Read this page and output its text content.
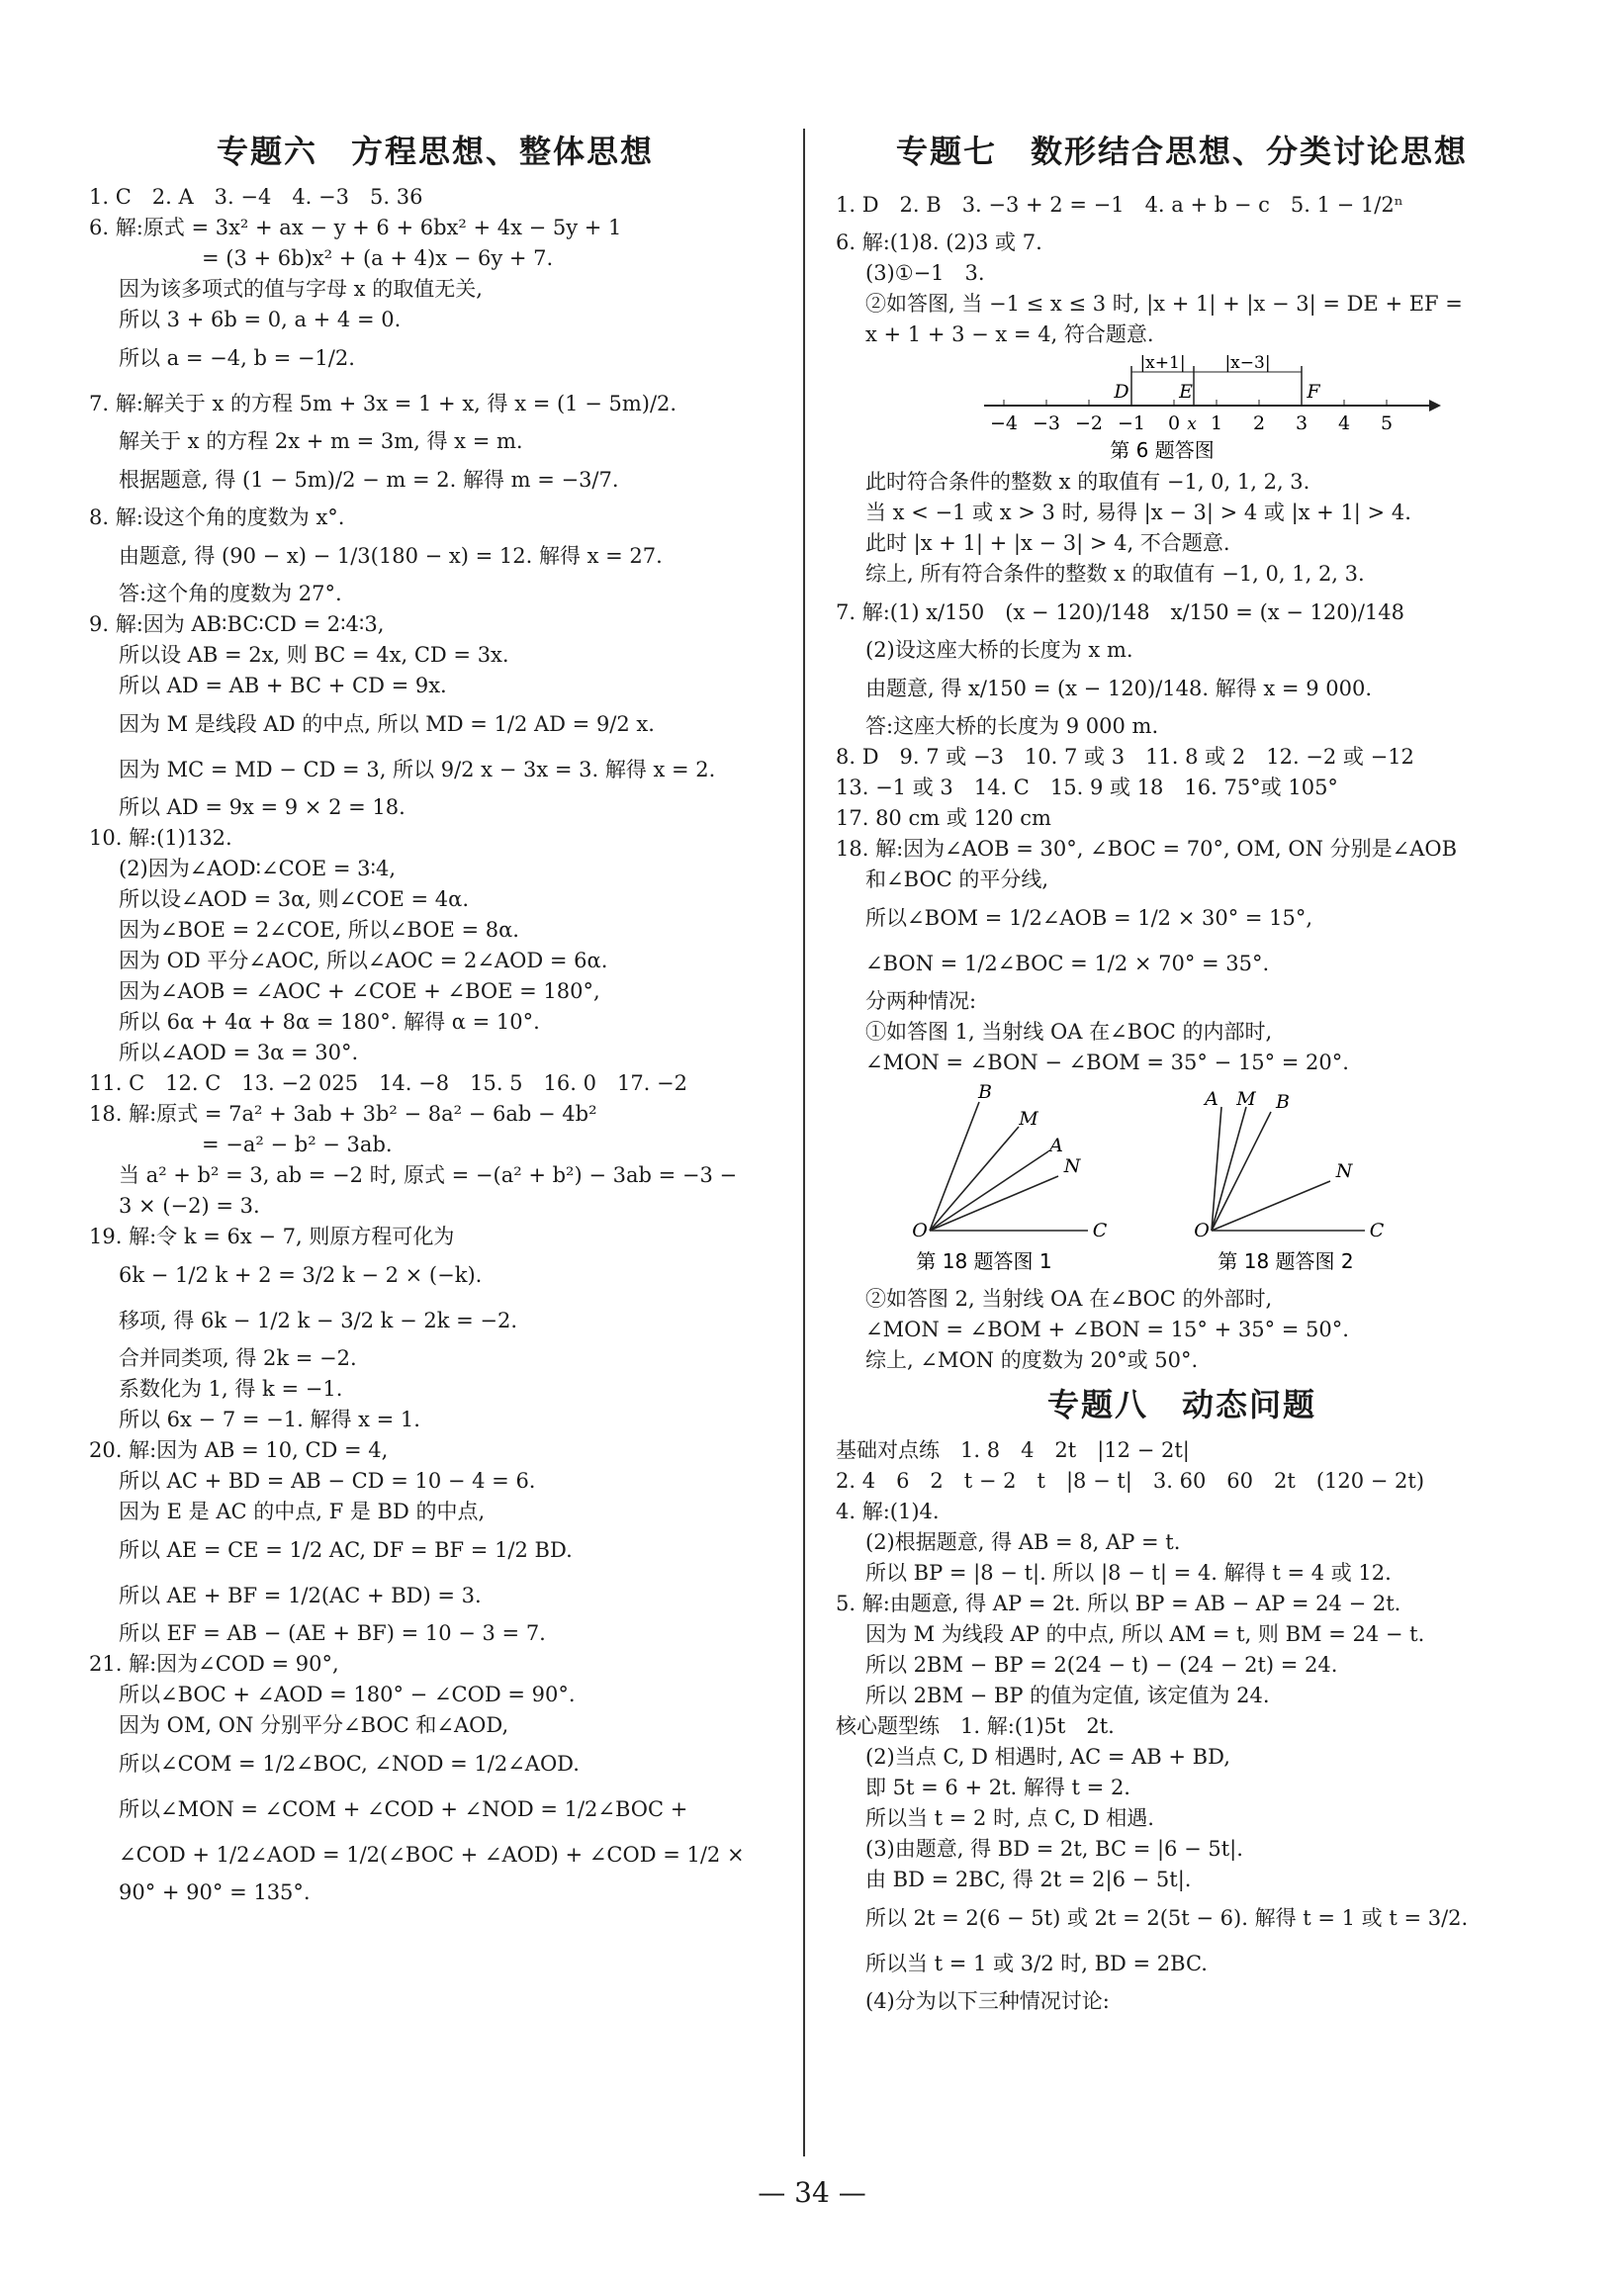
专题六　方程思想、整体思想
1. C　2. A　3. −4　4. −3　5. 36
6. 解:原式 = 3x² + ax − y + 6 + 6bx² + 4x − 5y + 1
　　　　= (3 + 6b)x² + (a + 4)x − 6y + 7.
因为该多项式的值与字母 x 的取值无关,
所以 3 + 6b = 0, a + 4 = 0.
所以 a = −4, b = −1/2.
7. 解:解关于 x 的方程 5m + 3x = 1 + x, 得 x = (1 − 5m)/2.
解关于 x 的方程 2x + m = 3m, 得 x = m.
根据题意, 得 (1 − 5m)/2 − m = 2. 解得 m = −3/7.
8. 解:设这个角的度数为 x°.
由题意, 得 (90 − x) − 1/3(180 − x) = 12. 解得 x = 27.
答:这个角的度数为 27°.
9. 解:因为 AB∶BC∶CD = 2∶4∶3,
所以设 AB = 2x, 则 BC = 4x, CD = 3x.
所以 AD = AB + BC + CD = 9x.
因为 M 是线段 AD 的中点, 所以 MD = 1/2 AD = 9/2 x.
因为 MC = MD − CD = 3, 所以 9/2 x − 3x = 3. 解得 x = 2.
所以 AD = 9x = 9 × 2 = 18.
10. 解:(1)132.
(2)因为∠AOD∶∠COE = 3∶4,
所以设∠AOD = 3α, 则∠COE = 4α.
因为∠BOE = 2∠COE, 所以∠BOE = 8α.
因为 OD 平分∠AOC, 所以∠AOC = 2∠AOD = 6α.
因为∠AOB = ∠AOC + ∠COE + ∠BOE = 180°,
所以 6α + 4α + 8α = 180°. 解得 α = 10°.
所以∠AOD = 3α = 30°.
11. C　12. C　13. −2 025　14. −8　15. 5　16. 0　17. −2
18. 解:原式 = 7a² + 3ab + 3b² − 8a² − 6ab − 4b²
　　　　= −a² − b² − 3ab.
当 a² + b² = 3, ab = −2 时, 原式 = −(a² + b²) − 3ab = −3 −
3 × (−2) = 3.
19. 解:令 k = 6x − 7, 则原方程可化为
6k − 1/2 k + 2 = 3/2 k − 2 × (−k).
移项, 得 6k − 1/2 k − 3/2 k − 2k = −2.
合并同类项, 得 2k = −2.
系数化为 1, 得 k = −1.
所以 6x − 7 = −1. 解得 x = 1.
20. 解:因为 AB = 10, CD = 4,
所以 AC + BD = AB − CD = 10 − 4 = 6.
因为 E 是 AC 的中点, F 是 BD 的中点,
所以 AE = CE = 1/2 AC, DF = BF = 1/2 BD.
所以 AE + BF = 1/2(AC + BD) = 3.
所以 EF = AB − (AE + BF) = 10 − 3 = 7.
21. 解:因为∠COD = 90°,
所以∠BOC + ∠AOD = 180° − ∠COD = 90°.
因为 OM, ON 分别平分∠BOC 和∠AOD,
所以∠COM = 1/2∠BOC, ∠NOD = 1/2∠AOD.
所以∠MON = ∠COM + ∠COD + ∠NOD = 1/2∠BOC +
∠COD + 1/2∠AOD = 1/2(∠BOC + ∠AOD) + ∠COD = 1/2 ×
90° + 90° = 135°.
专题七　数形结合思想、分类讨论思想
1. D　2. B　3. −3 + 2 = −1　4. a + b − c　5. 1 − 1/2ⁿ
6. 解:(1)8. (2)3 或 7.
(3)①−1　3.
②如答图, 当 −1 ≤ x ≤ 3 时, |x + 1| + |x − 3| = DE + EF =
x + 1 + 3 − x = 4, 符合题意.
−4 −3 −2 −1 0 1 2 3 4 5
|x+1| |x−3|
D	E	F
x
第 6 题答图
此时符合条件的整数 x 的取值有 −1, 0, 1, 2, 3.
当 x < −1 或 x > 3 时, 易得 |x − 3| > 4 或 |x + 1| > 4.
此时 |x + 1| + |x − 3| > 4, 不合题意.
综上, 所有符合条件的整数 x 的取值有 −1, 0, 1, 2, 3.
7. 解:(1) x/150　(x − 120)/148　x/150 = (x − 120)/148
(2)设这座大桥的长度为 x m.
由题意, 得 x/150 = (x − 120)/148. 解得 x = 9 000.
答:这座大桥的长度为 9 000 m.
8. D　9. 7 或 −3　10. 7 或 3　11. 8 或 2　12. −2 或 −12
13. −1 或 3　14. C　15. 9 或 18　16. 75°或 105°
17. 80 cm 或 120 cm
18. 解:因为∠AOB = 30°, ∠BOC = 70°, OM, ON 分别是∠AOB
和∠BOC 的平分线,
所以∠BOM = 1/2∠AOB = 1/2 × 30° = 15°,
∠BON = 1/2∠BOC = 1/2 × 70° = 35°.
分两种情况:
①如答图 1, 当射线 OA 在∠BOC 的内部时,
∠MON = ∠BON − ∠BOM = 35° − 15° = 20°.
B
M
A
N
O	C
第 18 题答图 1
A M B
N
O	C
第 18 题答图 2
②如答图 2, 当射线 OA 在∠BOC 的外部时,
∠MON = ∠BOM + ∠BON = 15° + 35° = 50°.
综上, ∠MON 的度数为 20°或 50°.
专题八　动态问题
基础对点练　1. 8　4　2t　|12 − 2t|
2. 4　6　2　t − 2　t　|8 − t|　3. 60　60　2t　(120 − 2t)
4. 解:(1)4.
(2)根据题意, 得 AB = 8, AP = t.
所以 BP = |8 − t|. 所以 |8 − t| = 4. 解得 t = 4 或 12.
5. 解:由题意, 得 AP = 2t. 所以 BP = AB − AP = 24 − 2t.
因为 M 为线段 AP 的中点, 所以 AM = t, 则 BM = 24 − t.
所以 2BM − BP = 2(24 − t) − (24 − 2t) = 24.
所以 2BM − BP 的值为定值, 该定值为 24.
核心题型练　1. 解:(1)5t　2t.
(2)当点 C, D 相遇时, AC = AB + BD,
即 5t = 6 + 2t. 解得 t = 2.
所以当 t = 2 时, 点 C, D 相遇.
(3)由题意, 得 BD = 2t, BC = |6 − 5t|.
由 BD = 2BC, 得 2t = 2|6 − 5t|.
所以 2t = 2(6 − 5t) 或 2t = 2(5t − 6). 解得 t = 1 或 t = 3/2.
所以当 t = 1 或 3/2 时, BD = 2BC.
(4)分为以下三种情况讨论:
— 34 —
